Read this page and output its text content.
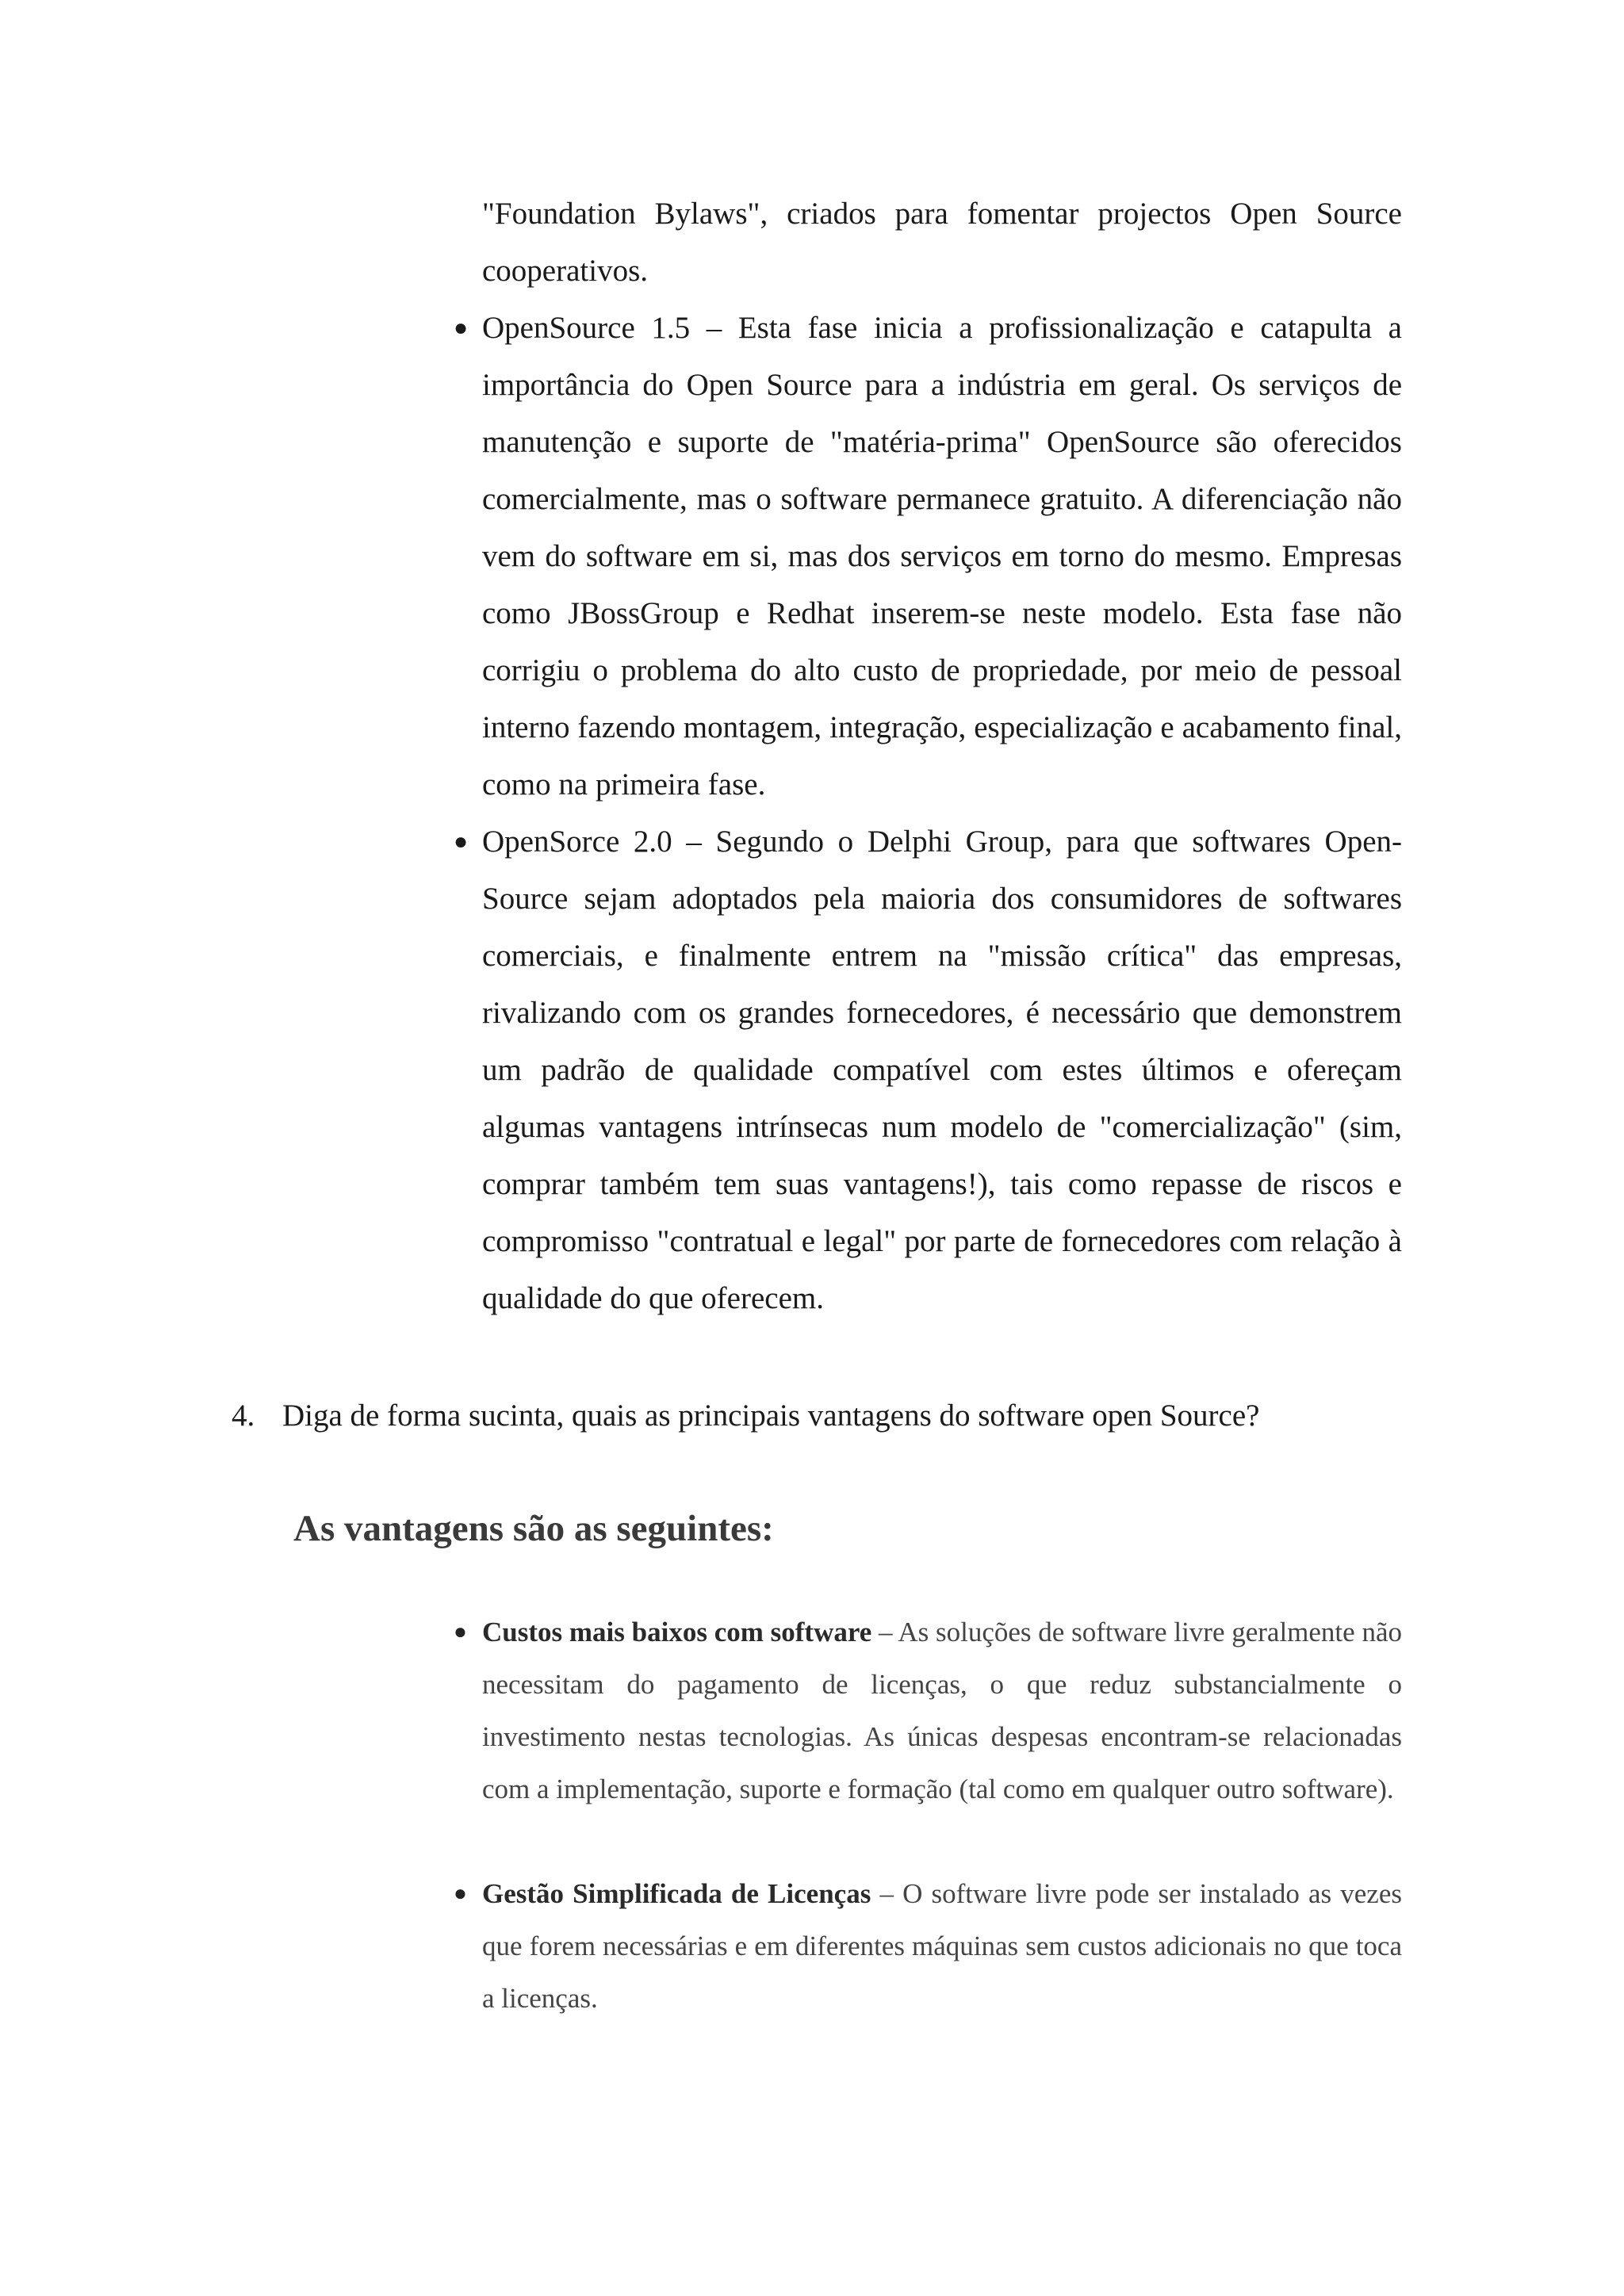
"Foundation Bylaws", criados para fomentar projectos Open Source cooperativos.

● OpenSource 1.5 – Esta fase inicia a profissionalização e catapulta a importância do Open Source para a indústria em geral. Os serviços de manutenção e suporte de "matéria-prima" OpenSource são oferecidos comercialmente, mas o software permanece gratuito. A diferenciação não vem do software em si, mas dos serviços em torno do mesmo. Empresas como JBossGroup e Redhat inserem-se neste modelo. Esta fase não corrigiu o problema do alto custo de propriedade, por meio de pessoal interno fazendo montagem, integração, especialização e acabamento final, como na primeira fase.
● OpenSorce 2.0 – Segundo o Delphi Group, para que softwares Open-Source sejam adoptados pela maioria dos consumidores de softwares comerciais, e finalmente entrem na "missão crítica" das empresas, rivalizando com os grandes fornecedores, é necessário que demonstrem um padrão de qualidade compatível com estes últimos e ofereçam algumas vantagens intrínsecas num modelo de "comercialização" (sim, comprar também tem suas vantagens!), tais como repasse de riscos e compromisso "contratual e legal" por parte de fornecedores com relação à qualidade do que oferecem.

4. Diga de forma sucinta, quais as principais vantagens do software open Source?

As vantagens são as seguintes:
● Custos mais baixos com software – As soluções de software livre geralmente não necessitam do pagamento de licenças, o que reduz substancialmente o investimento nestas tecnologias. As únicas despesas encontram-se relacionadas com a implementação, suporte e formação (tal como em qualquer outro software).
● Gestão Simplificada de Licenças – O software livre pode ser instalado as vezes que forem necessárias e em diferentes máquinas sem custos adicionais no que toca a licenças.
